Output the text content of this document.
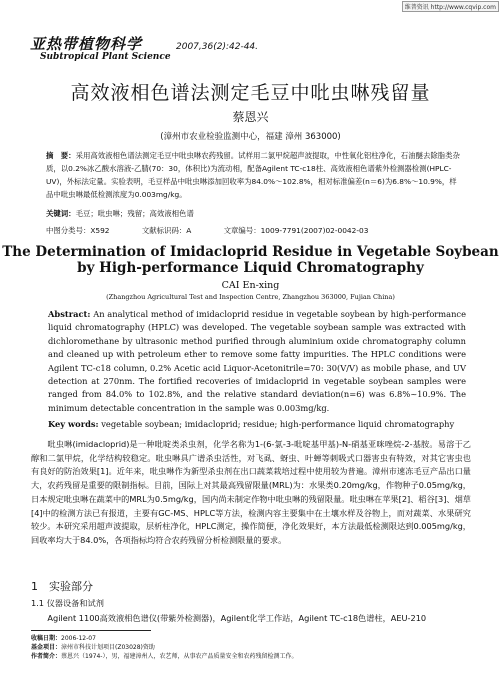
维普资讯 http://www.cqvip.com
亚热带植物科学
Subtropical Plant Science
2007,36(2):42-44.
高效液相色谱法测定毛豆中吡虫啉残留量
蔡恩兴
(漳州市农业检验监测中心，福建 漳州 363000)
摘　要：采用高效液相色谱法测定毛豆中吡虫啉农药残留。试样用二氯甲烷超声波提取，中性氧化铝柱净化，石油醚去除脂类杂质，以0.2%冰乙酸水溶液-乙腈(70：30，体积比)为流动相，配备Agilent TC-c18柱、高效液相色谱紫外检测器检测(HPLC-UV)，外标法定量。实验表明，毛豆样品中吡虫啉添加回收率为84.0%～102.8%，相对标准偏差(n＝6)为6.8%～10.9%，样品中吡虫啉最低检测浓度为0.003mg/kg。
关键词：毛豆；吡虫啉；残留；高效液相色谱
中图分类号：X592	文献标识码：A	文章编号：1009-7791(2007)02-0042-03
The Determination of Imidacloprid Residue in Vegetable Soybean by High-performance Liquid Chromatography
CAI En-xing
(Zhangzhou Agricultural Test and Inspection Centre, Zhangzhou 363000, Fujian China)
Abstract: An analytical method of imidacloprid residue in vegetable soybean by high-performance liquid chromatography (HPLC) was developed. The vegetable soybean sample was extracted with dichloromethane by ultrasonic method purified through aluminium oxide chromatography column and cleaned up with petroleum ether to remove some fatty impurities. The HPLC conditions were Agilent TC-c18 column, 0.2% Acetic acid Liquor-Acetonitrile=70: 30(V/V) as mobile phase, and UV detection at 270nm. The fortified recoveries of imidacloprid in vegetable soybean samples were ranged from 84.0% to 102.8%, and the relative standard deviation(n=6) was 6.8%~10.9%. The minimum detectable concentration in the sample was 0.003mg/kg.
Key words: vegetable soybean; imidacloprid; residue; high-performance liquid chromatography
吡虫啉(imidacloprid)是一种吡啶类杀虫剂，化学名称为1-(6-氯-3-吡啶基甲基)-N-硝基亚咪唑烷-2-基胺。易溶于乙醇和二氯甲烷，化学结构较稳定。吡虫啉具广谱杀虫活性，对飞虱、蚜虫、叶蝉等刺吸式口器害虫有特效，对其它害虫也有良好的防治效果[1]。近年来，吡虫啉作为新型杀虫剂在出口蔬菜栽培过程中使用较为普遍。漳州市速冻毛豆产品出口量大，农药残留是重要的限制指标。目前，国际上对其最高残留限量(MRL)为：水果类0.20mg/kg，作物种子0.05mg/kg，日本规定吡虫啉在蔬菜中的MRL为0.5mg/kg，国内尚未制定作物中吡虫啉的残留限量。吡虫啉在苹果[2]、稻谷[3]、烟草[4]中的检测方法已有报道，主要有GC-MS、HPLC等方法，检测内容主要集中在土壤水样及谷物上，而对蔬菜、水果研究较少。本研究采用超声波提取，层析柱净化，HPLC测定，操作简便，净化效果好，本方法最低检测限达到0.005mg/kg，回收率均大于84.0%，各项指标均符合农药残留分析检测限量的要求。
1　实验部分
1.1 仪器设备和试剂
Agilent 1100高效液相色谱仪(带紫外检测器)，Agilent化学工作站，Agilent TC-c18色谱柱，AEU-210
收稿日期：2006-12-07
基金项目：漳州市科技计划项目(Z03028)资助
作者简介：蔡恩兴（1974-），男，福建漳州人，农艺师，从事农产品质量安全和农药残留检测工作。
